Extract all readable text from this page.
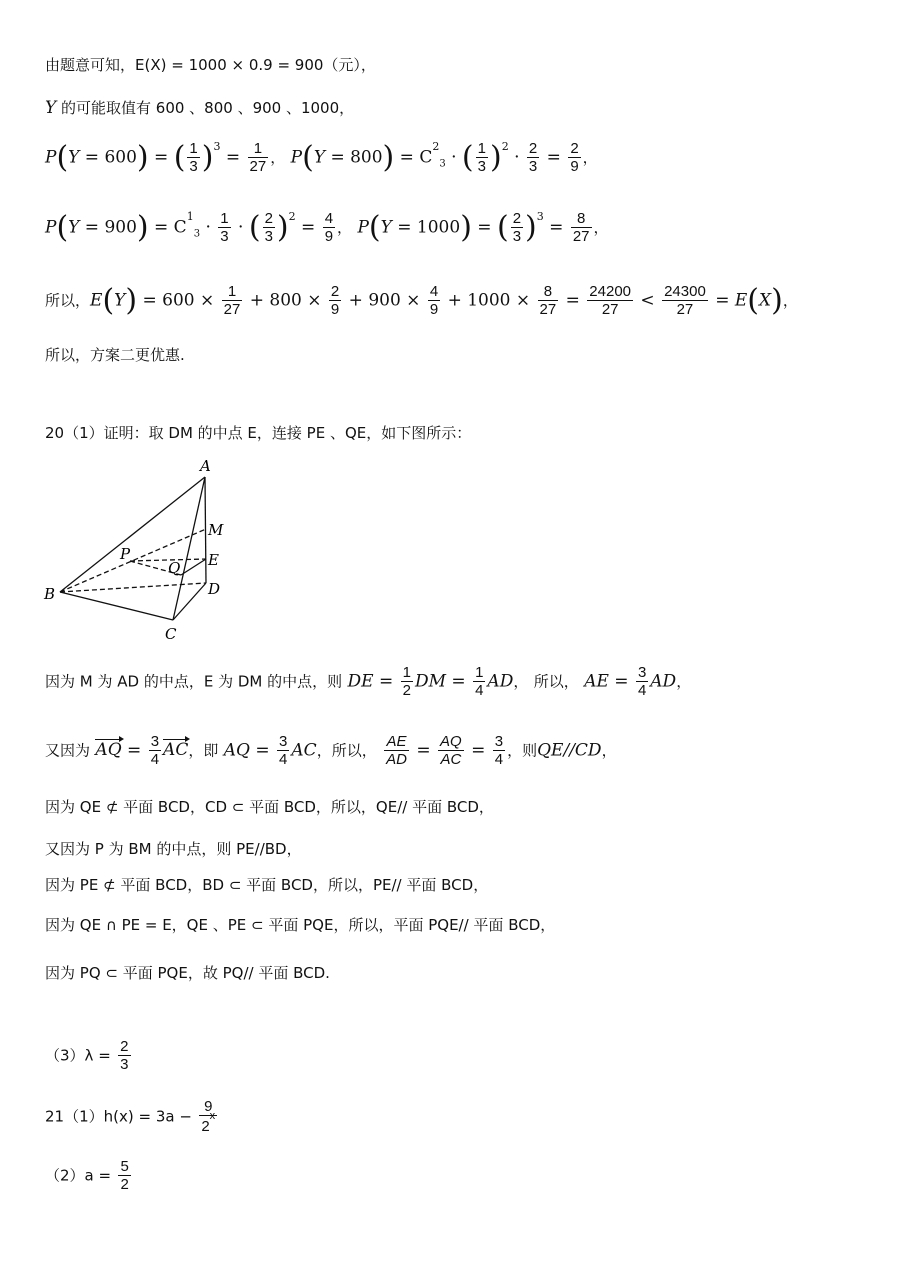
由题意可知，E(X) = 1000 × 0.9 = 900（元），
Y 的可能取值有 600 、800 、900 、1000，
P(Y = 600) = ( $\frac{1}{3} )^3 = \frac{1}{27}$ ， $P(Y = 800) = C^2_3$ · ( $\frac{1}{3} )^2 \cdot \frac{2}{3} = \frac{2}{9}$ ，
$P(Y = 900) = C^1_3 \cdot \frac{1}{3}$ · ( $\frac{2}{3} )^2 = \frac{4}{9}$ ， P(Y = 1000) = ( $\frac{2}{3} )^3 = \frac{8}{27}$ ，
所以，$E(Y) = 600 \times \frac{1}{27} + 800 \times \frac{2}{9} + 900 \times \frac{4}{9} + 1000 \times \frac{8}{27} = \frac{24200}{27} < \frac{24300}{27} = E(X)$，
所以，方案二更优惠.
20（1）证明：取 DM 的中点 E，连接 PE 、QE，如下图所示：
A
B
C
D
E
M
P
Q
因为 M 为 AD 的中点，E 为 DM 的中点，则 DE = $\frac{1}{2}$ DM = $\frac{1}{4}$ AD， 所以， AE = $\frac{3}{4}$ AD，
又因为 AQ = $\frac{3}{4}$ AC，即 AQ = $\frac{3}{4}$ AC，所以， $\frac{AE}{AD} = \frac{AQ}{AC} = \frac{3}{4}$ ，则QE//CD，
因为 QE ⊄ 平面 BCD，CD ⊂ 平面 BCD，所以，QE// 平面 BCD，
又因为 P 为 BM 的中点，则 PE//BD，
因为 PE ⊄ 平面 BCD，BD ⊂ 平面 BCD，所以，PE// 平面 BCD，
因为 QE ∩ PE = E，QE 、PE ⊂ 平面 PQE，所以，平面 PQE// 平面 BCD，
因为 PQ ⊂ 平面 PQE，故 PQ// 平面 BCD.
$(3)\lambda = \frac{2}{3}$
$21(1)h(x) = 3a - \frac{9}{2^x}$
$(2)a = \frac{5}{2}$
